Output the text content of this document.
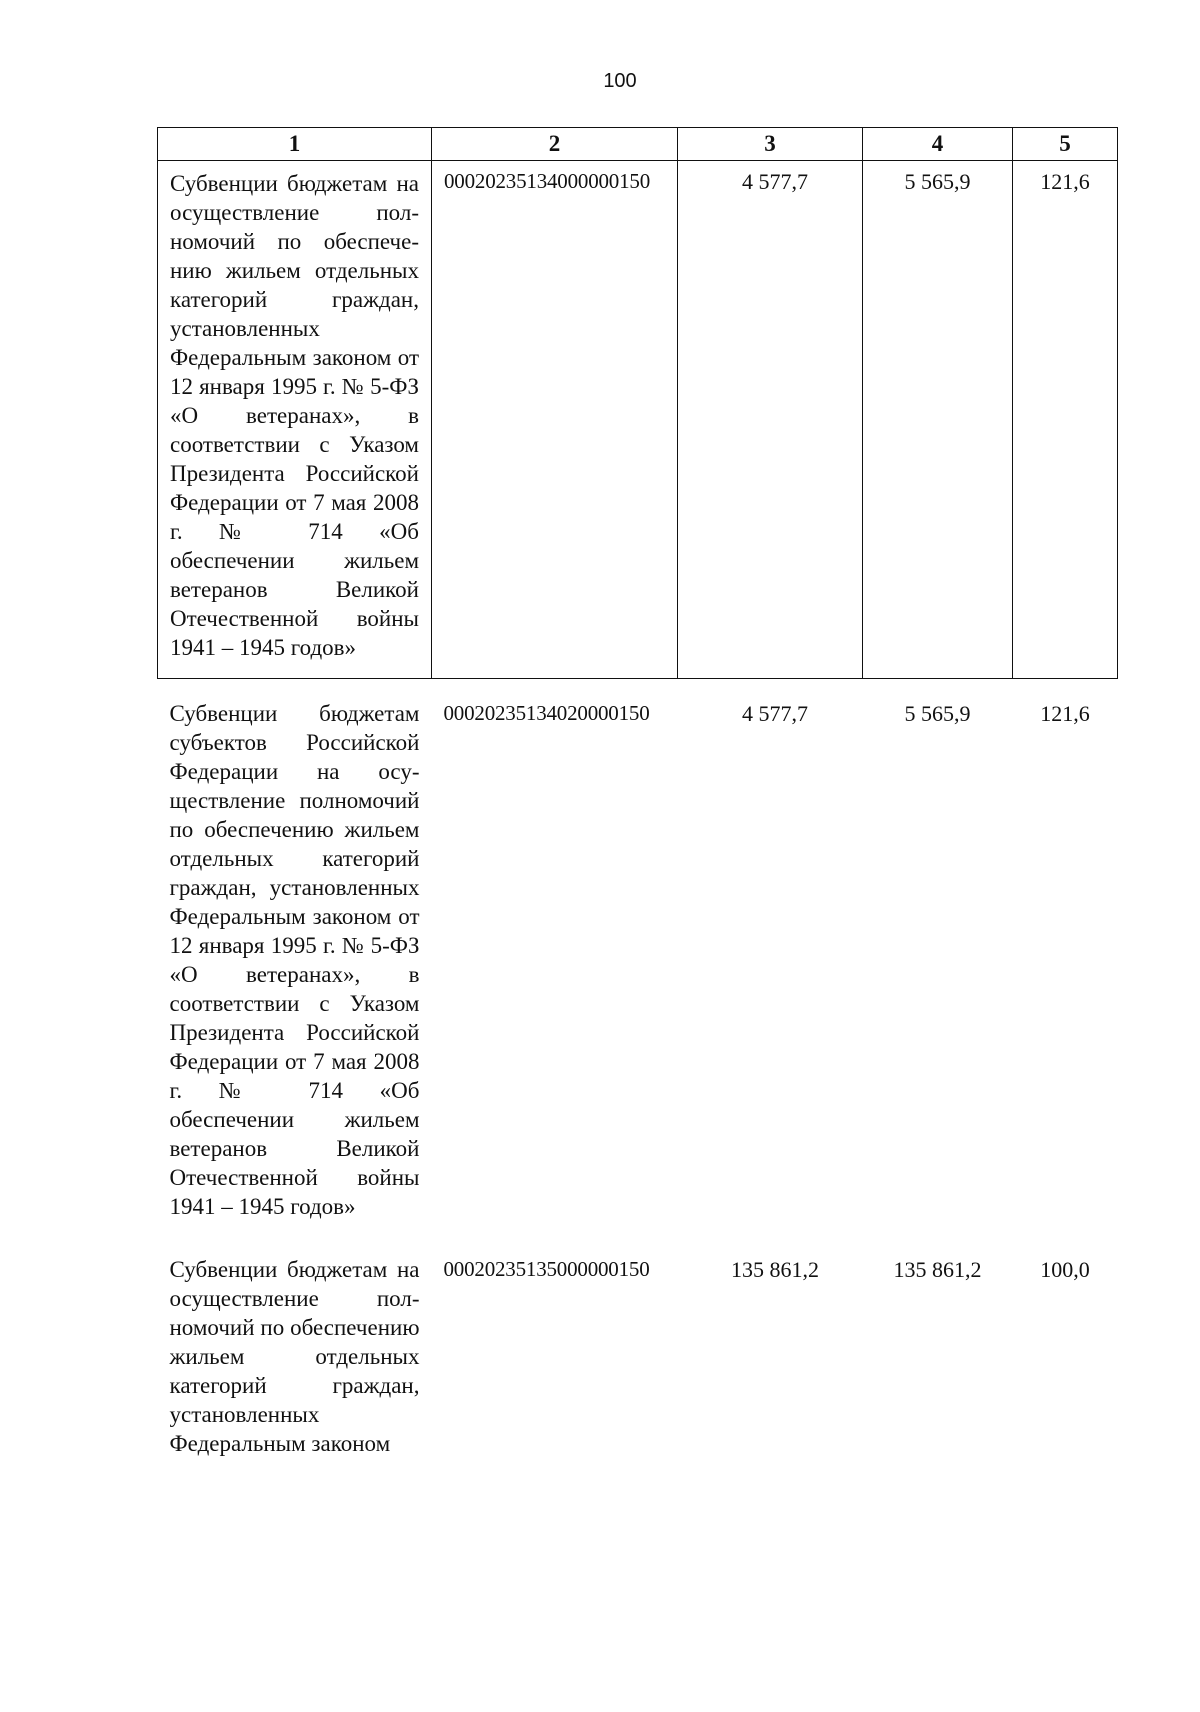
100
1	2	3	4	5
Субвенции бюджетам на осуществление полномочий по обеспечению жильем отдельных категорий граждан, установленных Федеральным законом от 12 января 1995 г. № 5-ФЗ «О ветеранах», в соответствии с Указом Президента Российской Федерации от 7 мая 2008 г. № 714 «Об обеспечении жильем ветеранов Великой Отечественной войны 1941 – 1945 годов»	00020235134000000150	4 577,7	5 565,9	121,6
Субвенции бюджетам субъектов Российской Федерации на осуществление полномочий по обеспечению жильем отдельных категорий граждан, установленных Федеральным законом от 12 января 1995 г. № 5-ФЗ «О ветеранах», в соответствии с Указом Президента Российской Федерации от 7 мая 2008 г. № 714 «Об обеспечении жильем ветеранов Великой Отечественной войны 1941 – 1945 годов»	00020235134020000150	4 577,7	5 565,9	121,6
Субвенции бюджетам на осуществление полномочий по обеспечению жильем отдельных категорий граждан, установленных Федеральным законом	00020235135000000150	135 861,2	135 861,2	100,0
